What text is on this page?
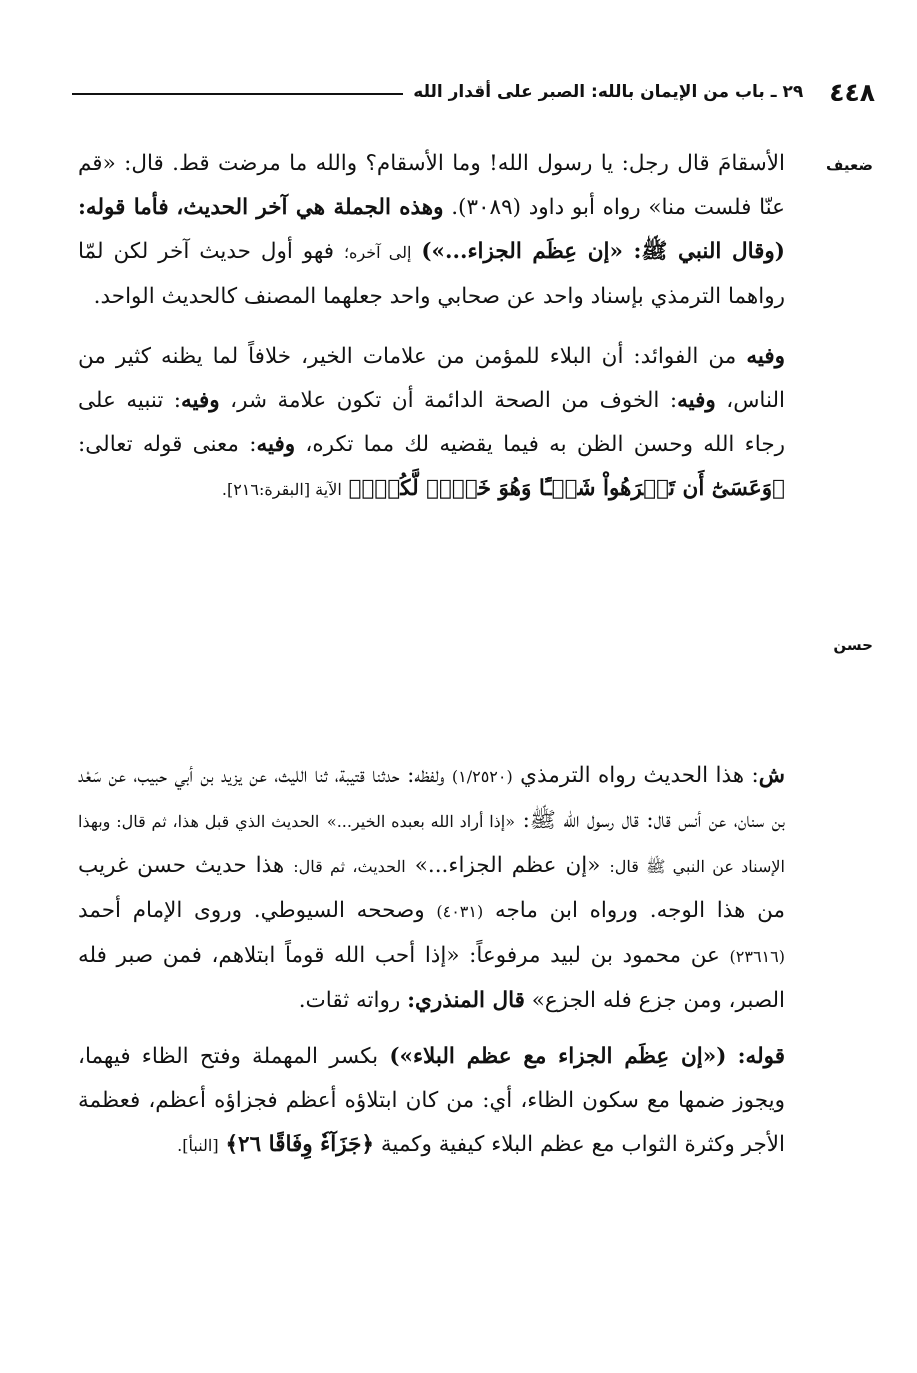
٤٤٨
٢٩ ـ باب من الإيمان بالله: الصبر على أقدار الله
ضعيف
حسن

الأسقامَ قال رجل: يا رسول الله! وما الأسقام؟ والله ما مرضت قط. قال: «قم عنّا فلست منا» رواه أبو داود (٣٠٨٩). وهذه الجملة هي آخر الحديث، فأما قوله: (وقال النبي ﷺ: «إن عِظَم الجزاء...») إلى آخره؛ فهو أول حديث آخر لكن لمّا رواهما الترمذي بإسناد واحد عن صحابي واحد جعلهما المصنف كالحديث الواحد.

وفيه من الفوائد: أن البلاء للمؤمن من علامات الخير، خلافاً لما يظنه كثير من الناس، وفيه: الخوف من الصحة الدائمة أن تكون علامة شر، وفيه: تنبيه على رجاء الله وحسن الظن به فيما يقضيه لك مما تكره، وفيه: معنى قوله تعالى: ﴿وَعَسَىٰٓ أَن تَكۡرَهُواْ شَيۡـًٔا وَهُوَ خَيۡرٞ لَّكُمۡۖ﴾ الآية [البقرة:٢١٦].

ش: هذا الحديث رواه الترمذي (١/٢٥٢٠) ولفظه: حدثنا قتيبة، ثنا الليث، عن يزيد بن أبي حبيب، عن سَعْد بن سنان، عن أنس قال: قال رسول الله ﷺ: «إذا أراد الله بعبده الخير...» الحديث الذي قبل هذا، ثم قال: وبهذا الإسناد عن النبي ﷺ قال: «إن عظم الجزاء...» الحديث، ثم قال: هذا حديث حسن غريب من هذا الوجه. ورواه ابن ماجه (٤٠٣١) وصححه السيوطي. وروى الإمام أحمد (٢٣٦١٦) عن محمود بن لبيد مرفوعاً: «إذا أحب الله قوماً ابتلاهم، فمن صبر فله الصبر، ومن جزع فله الجزع» قال المنذري: رواته ثقات.

قوله: («إن عِظَم الجزاء مع عظم البلاء») بكسر المهملة وفتح الظاء فيهما، ويجوز ضمها مع سكون الظاء، أي: من كان ابتلاؤه أعظم فجزاؤه أعظم، فعظمة الأجر وكثرة الثواب مع عظم البلاء كيفية وكمية ﴿جَزَآءٗ وِفَاقًا ٢٦﴾ [النبأ].
